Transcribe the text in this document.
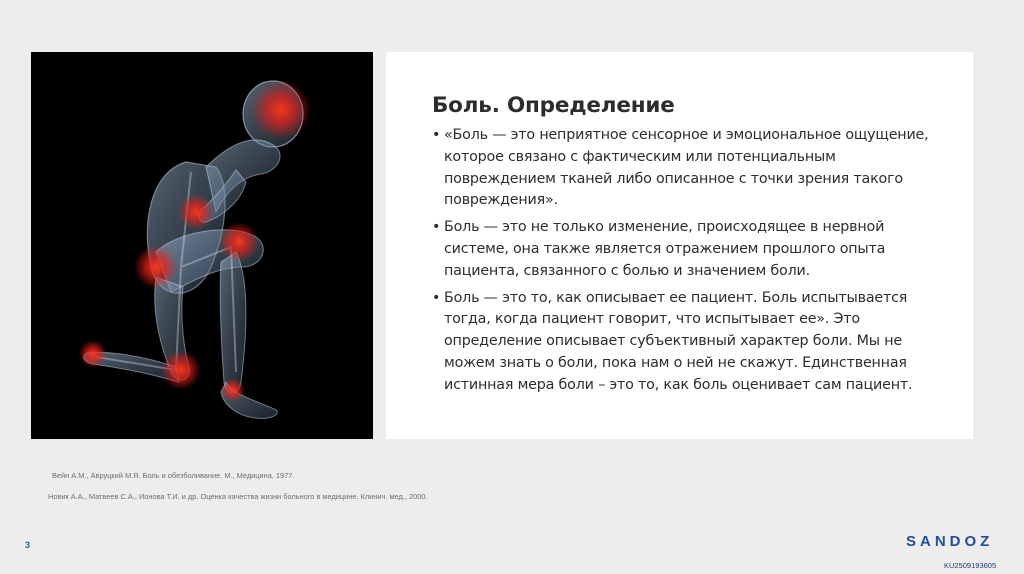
Боль. Определение
• «Боль — это неприятное сенсорное и эмоциональное ощущение, которое связано с фактическим или потенциальным повреждением тканей либо описанное с точки зрения такого повреждения».
• Боль — это не только изменение, происходящее в нервной системе, она также является отражением прошлого опыта пациента, связанного с болью и значением боли.
• Боль — это то, как описывает ее пациент. Боль испытывается тогда, когда пациент говорит, что испытывает ее». Это определение описывает субъективный характер боли. Мы не можем знать о боли, пока нам о ней не скажут. Единственная истинная мера боли – это то, как боль оценивает сам пациент.
Вейн А.М., Авруцкий М.Я. Боль и обезболивание. М., Медицина, 1977.
Новик А.А., Матвеев С.А., Ионова Т.И. и др. Оценка качества жизни больного в медицине. Клинич. мед., 2000.
3	SANDOZ
KU2509193605
